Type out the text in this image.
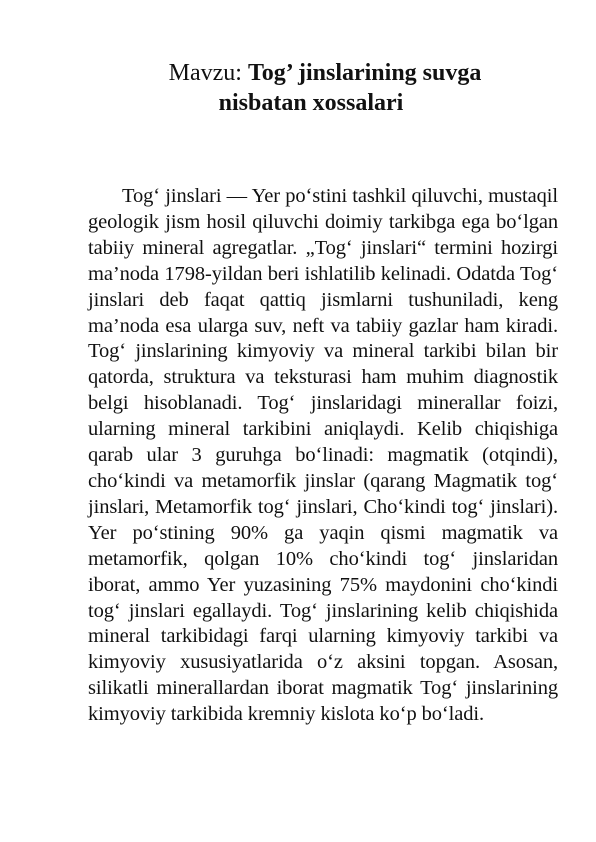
Mavzu: Tog’ jinslarining suvga
nisbatan xossalari

Tog‘ jinslari — Yer po‘stini tashkil qiluvchi, mustaqil geologik jism hosil qiluvchi doimiy tarkibga ega bo‘lgan tabiiy mineral agregatlar. „Tog‘ jinslari“ termini hozirgi ma’noda 1798-yildan beri ishlatilib kelinadi. Odatda Tog‘ jinslari deb faqat qattiq jismlarni tushuniladi, keng ma’noda esa ularga suv, neft va tabiiy gazlar ham kiradi. Tog‘ jinslarining kimyoviy va mineral tarkibi bilan bir qatorda, struktura va teksturasi ham muhim diagnostik belgi hisoblanadi. Tog‘ jinslaridagi minerallar foizi, ularning mineral tarkibini aniqlaydi. Kelib chiqishiga qarab ular 3 guruhga bo‘linadi: magmatik (otqindi), cho‘kindi va metamorfik jinslar (qarang Magmatik tog‘ jinslari, Metamorfik tog‘ jinslari, Cho‘kindi tog‘ jinslari). Yer po‘stining 90% ga yaqin qismi magmatik va metamorfik, qolgan 10% cho‘kindi tog‘ jinslaridan iborat, ammo Yer yuzasining 75% maydonini cho‘kindi tog‘ jinslari egallaydi. Tog‘ jinslarining kelib chiqishida mineral tarkibidagi farqi ularning kimyoviy tarkibi va kimyoviy xususiyatlarida o‘z aksini topgan. Asosan, silikatli minerallardan iborat magmatik Tog‘ jinslarining kimyoviy tarkibida kremniy kislota ko‘p bo‘ladi.
